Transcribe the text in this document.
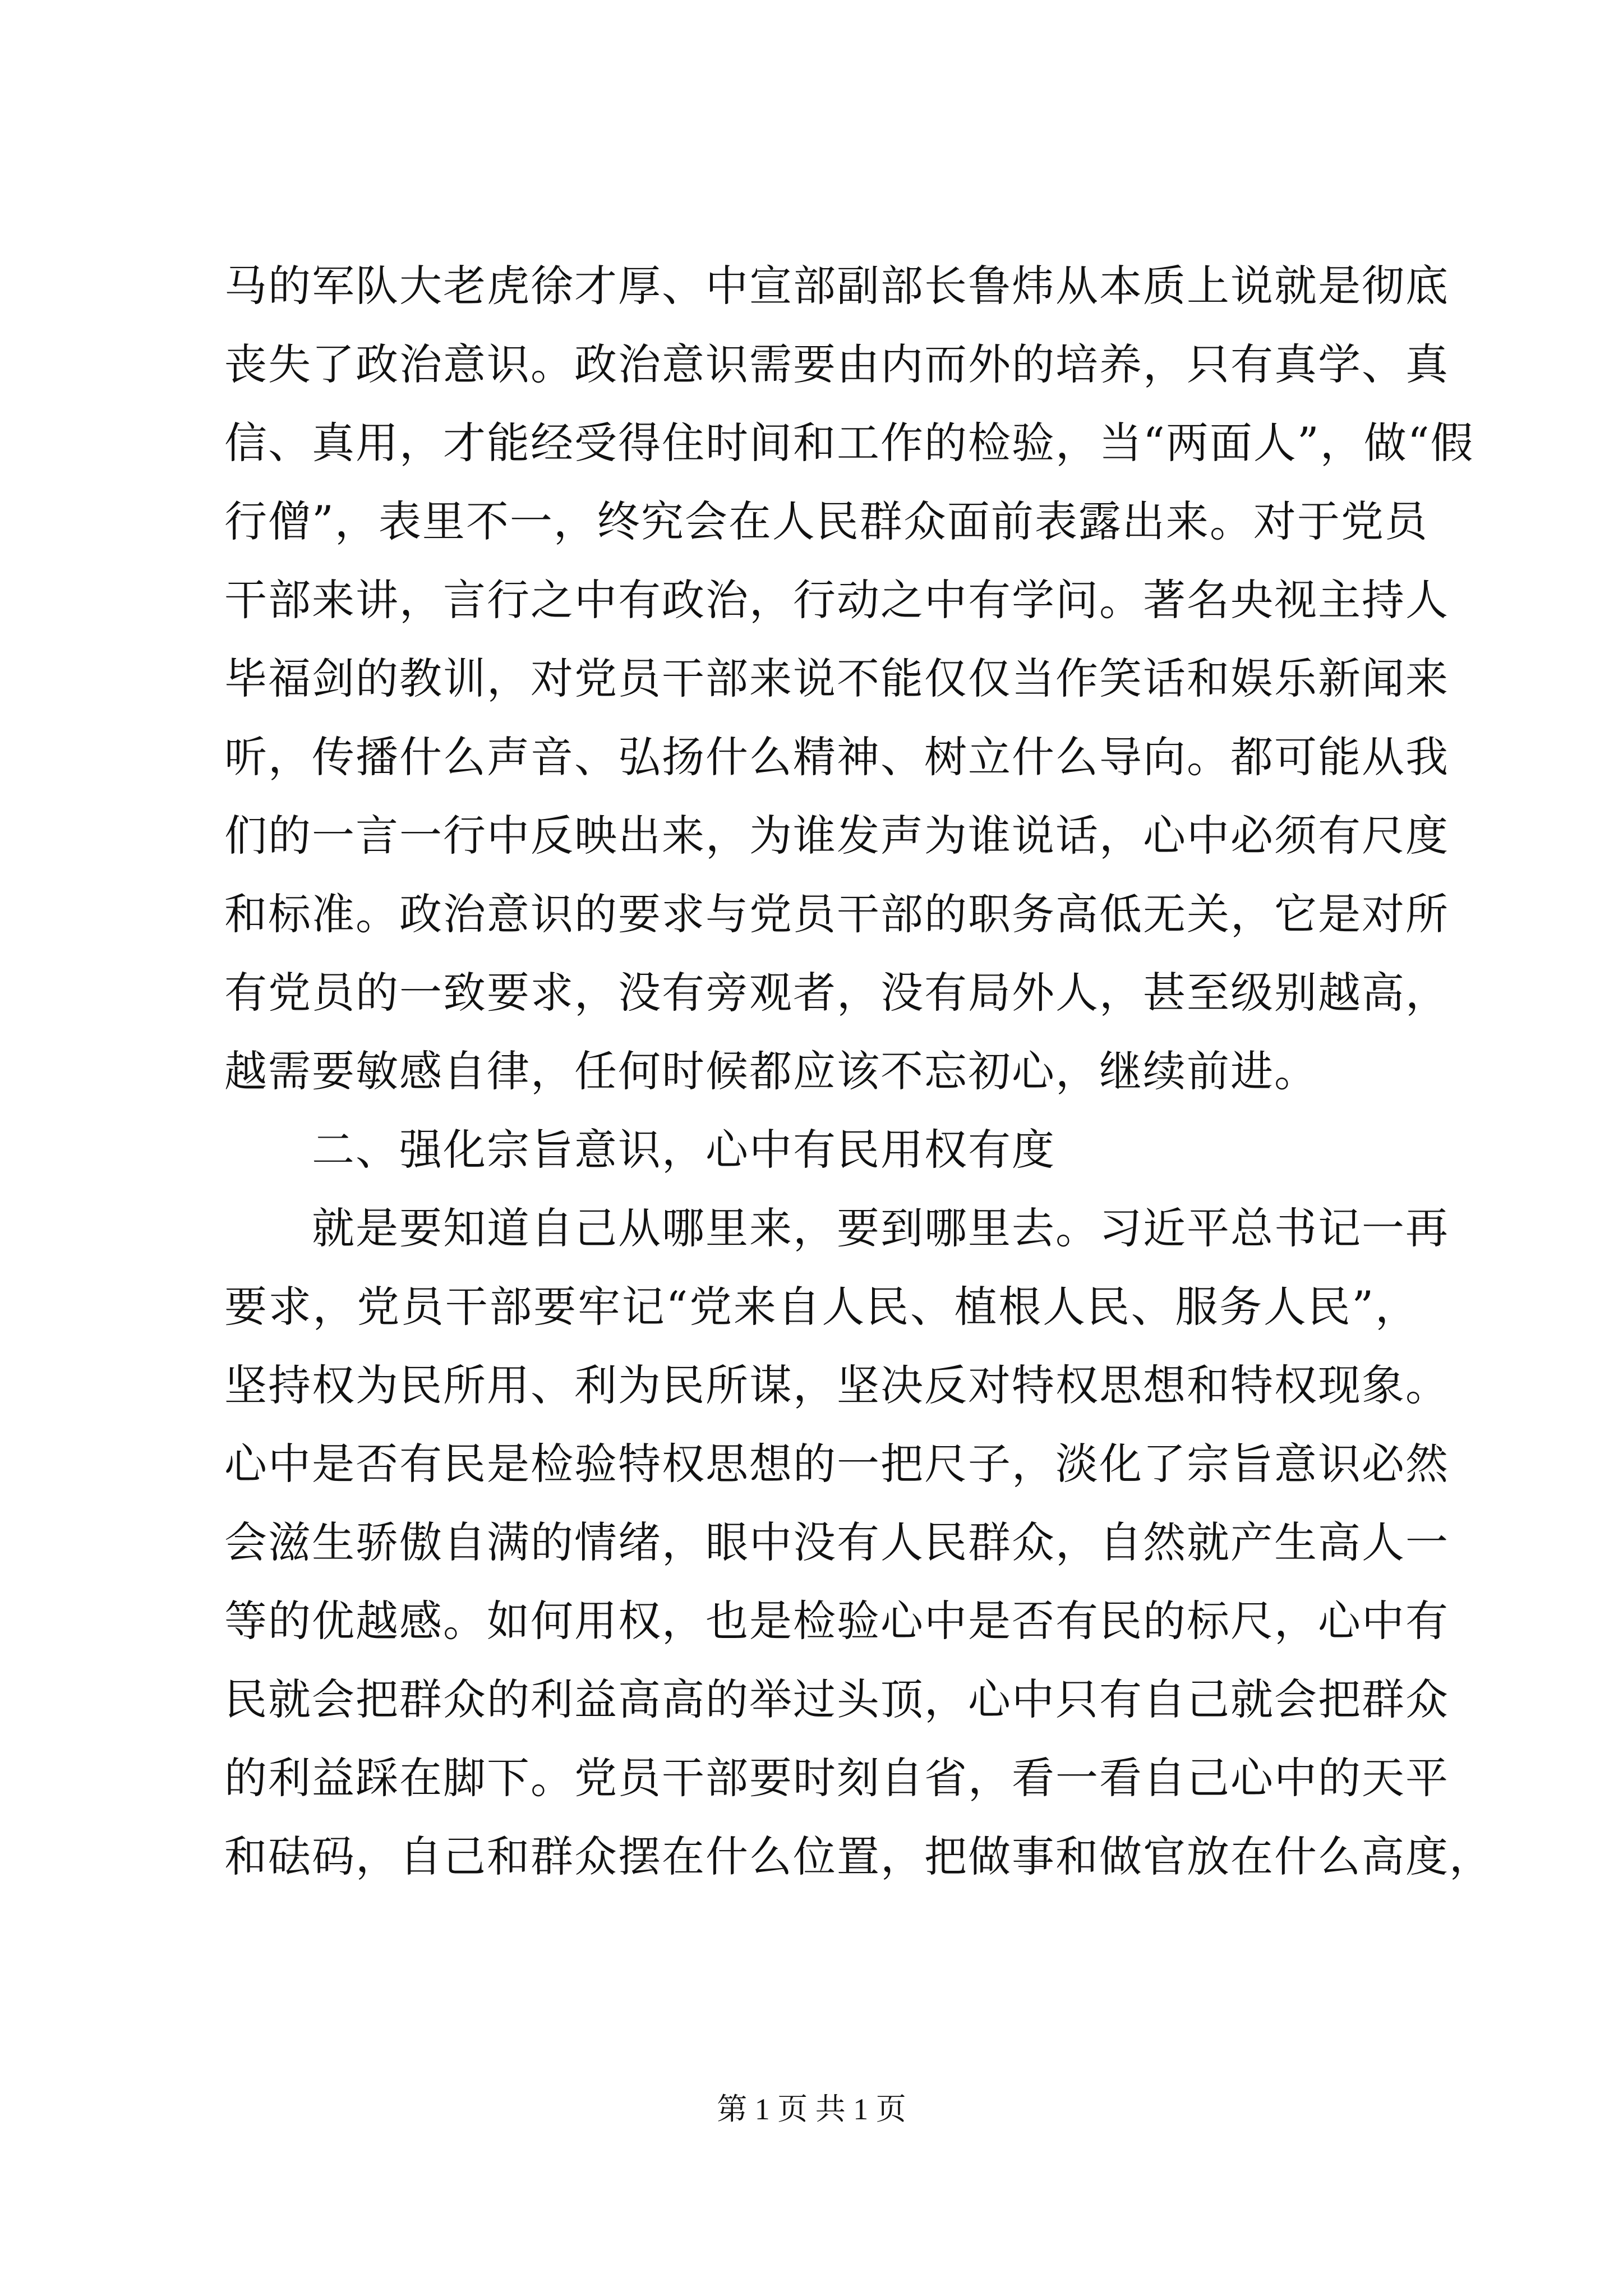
马的军队大老虎徐才厚、中宣部副部长鲁炜从本质上说就是彻底
丧失了政治意识。政治意识需要由内而外的培养，只有真学、真
信、真用，才能经受得住时间和工作的检验，当“两面人”，做“假
行僧”，表里不一，终究会在人民群众面前表露出来。对于党员
干部来讲，言行之中有政治，行动之中有学问。著名央视主持人
毕福剑的教训，对党员干部来说不能仅仅当作笑话和娱乐新闻来
听，传播什么声音、弘扬什么精神、树立什么导向。都可能从我
们的一言一行中反映出来，为谁发声为谁说话，心中必须有尺度
和标准。政治意识的要求与党员干部的职务高低无关，它是对所
有党员的一致要求，没有旁观者，没有局外人，甚至级别越高，
越需要敏感自律，任何时候都应该不忘初心，继续前进。
二、强化宗旨意识，心中有民用权有度
就是要知道自己从哪里来，要到哪里去。习近平总书记一再
要求，党员干部要牢记“党来自人民、植根人民、服务人民”，
坚持权为民所用、利为民所谋，坚决反对特权思想和特权现象。
心中是否有民是检验特权思想的一把尺子，淡化了宗旨意识必然
会滋生骄傲自满的情绪，眼中没有人民群众，自然就产生高人一
等的优越感。如何用权，也是检验心中是否有民的标尺，心中有
民就会把群众的利益高高的举过头顶，心中只有自己就会把群众
的利益踩在脚下。党员干部要时刻自省，看一看自己心中的天平
和砝码，自己和群众摆在什么位置，把做事和做官放在什么高度，
第 1 页 共 1 页
